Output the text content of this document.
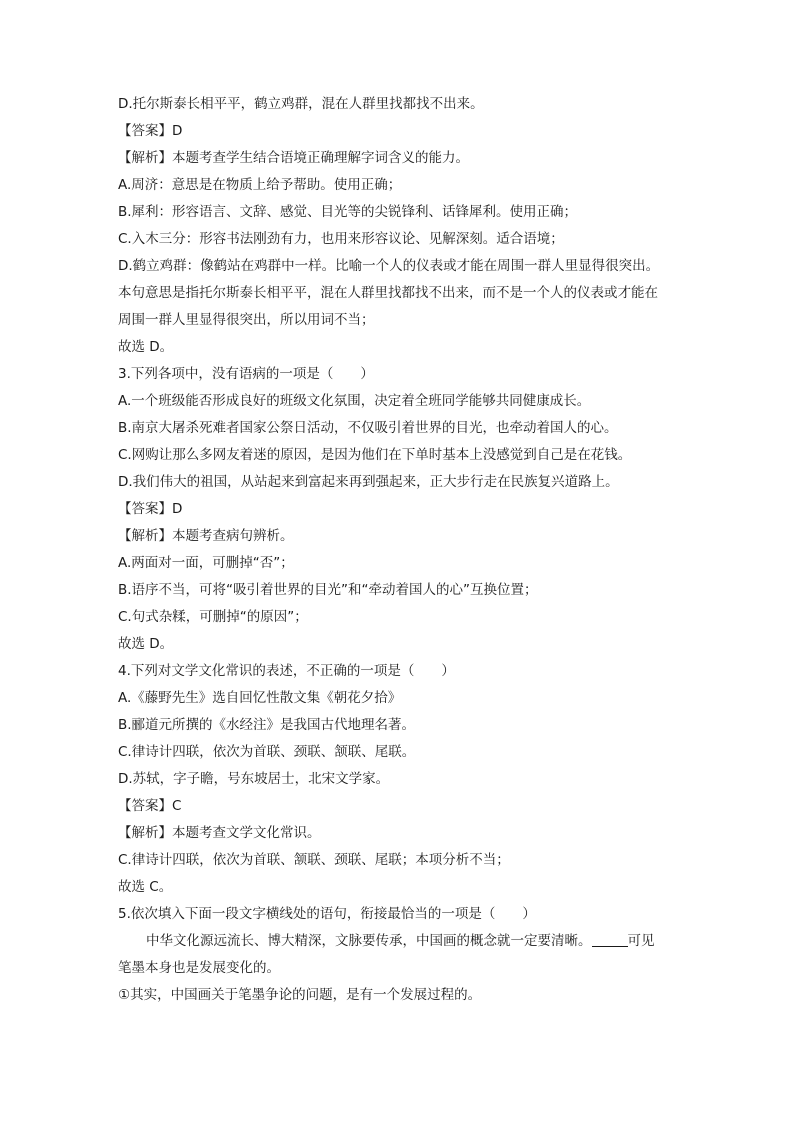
D.托尔斯泰长相平平，鹤立鸡群，混在人群里找都找不出来。
【答案】D
【解析】本题考查学生结合语境正确理解字词含义的能力。
A.周济：意思是在物质上给予帮助。使用正确；
B.犀利：形容语言、文辞、感觉、目光等的尖锐锋利、话锋犀利。使用正确；
C.入木三分：形容书法刚劲有力，也用来形容议论、见解深刻。适合语境；
D.鹤立鸡群：像鹤站在鸡群中一样。比喻一个人的仪表或才能在周围一群人里显得很突出。
本句意思是指托尔斯泰长相平平，混在人群里找都找不出来，而不是一个人的仪表或才能在
周围一群人里显得很突出，所以用词不当；
故选 D。
3.下列各项中，没有语病的一项是（　　）
A.一个班级能否形成良好的班级文化氛围，决定着全班同学能够共同健康成长。
B.南京大屠杀死难者国家公祭日活动，不仅吸引着世界的目光，也牵动着国人的心。
C.网购让那么多网友着迷的原因，是因为他们在下单时基本上没感觉到自己是在花钱。
D.我们伟大的祖国，从站起来到富起来再到强起来，正大步行走在民族复兴道路上。
【答案】D
【解析】本题考查病句辨析。
A.两面对一面，可删掉“否”；
B.语序不当，可将“吸引着世界的目光”和“牵动着国人的心”互换位置；
C.句式杂糅，可删掉“的原因”；
故选 D。
4.下列对文学文化常识的表述，不正确的一项是（　　）
A.《藤野先生》选自回忆性散文集《朝花夕拾》
B.郦道元所撰的《水经注》是我国古代地理名著。
C.律诗计四联，依次为首联、颈联、颔联、尾联。
D.苏轼，字子瞻，号东坡居士，北宋文学家。
【答案】C
【解析】本题考查文学文化常识。
C.律诗计四联，依次为首联、颔联、颈联、尾联；本项分析不当；
故选 C。
5.依次填入下面一段文字横线处的语句，衔接最恰当的一项是（　　）
中华文化源远流长、博大精深，文脉要传承，中国画的概念就一定要清晰。	可见
笔墨本身也是发展变化的。
①其实，中国画关于笔墨争论的问题，是有一个发展过程的。
